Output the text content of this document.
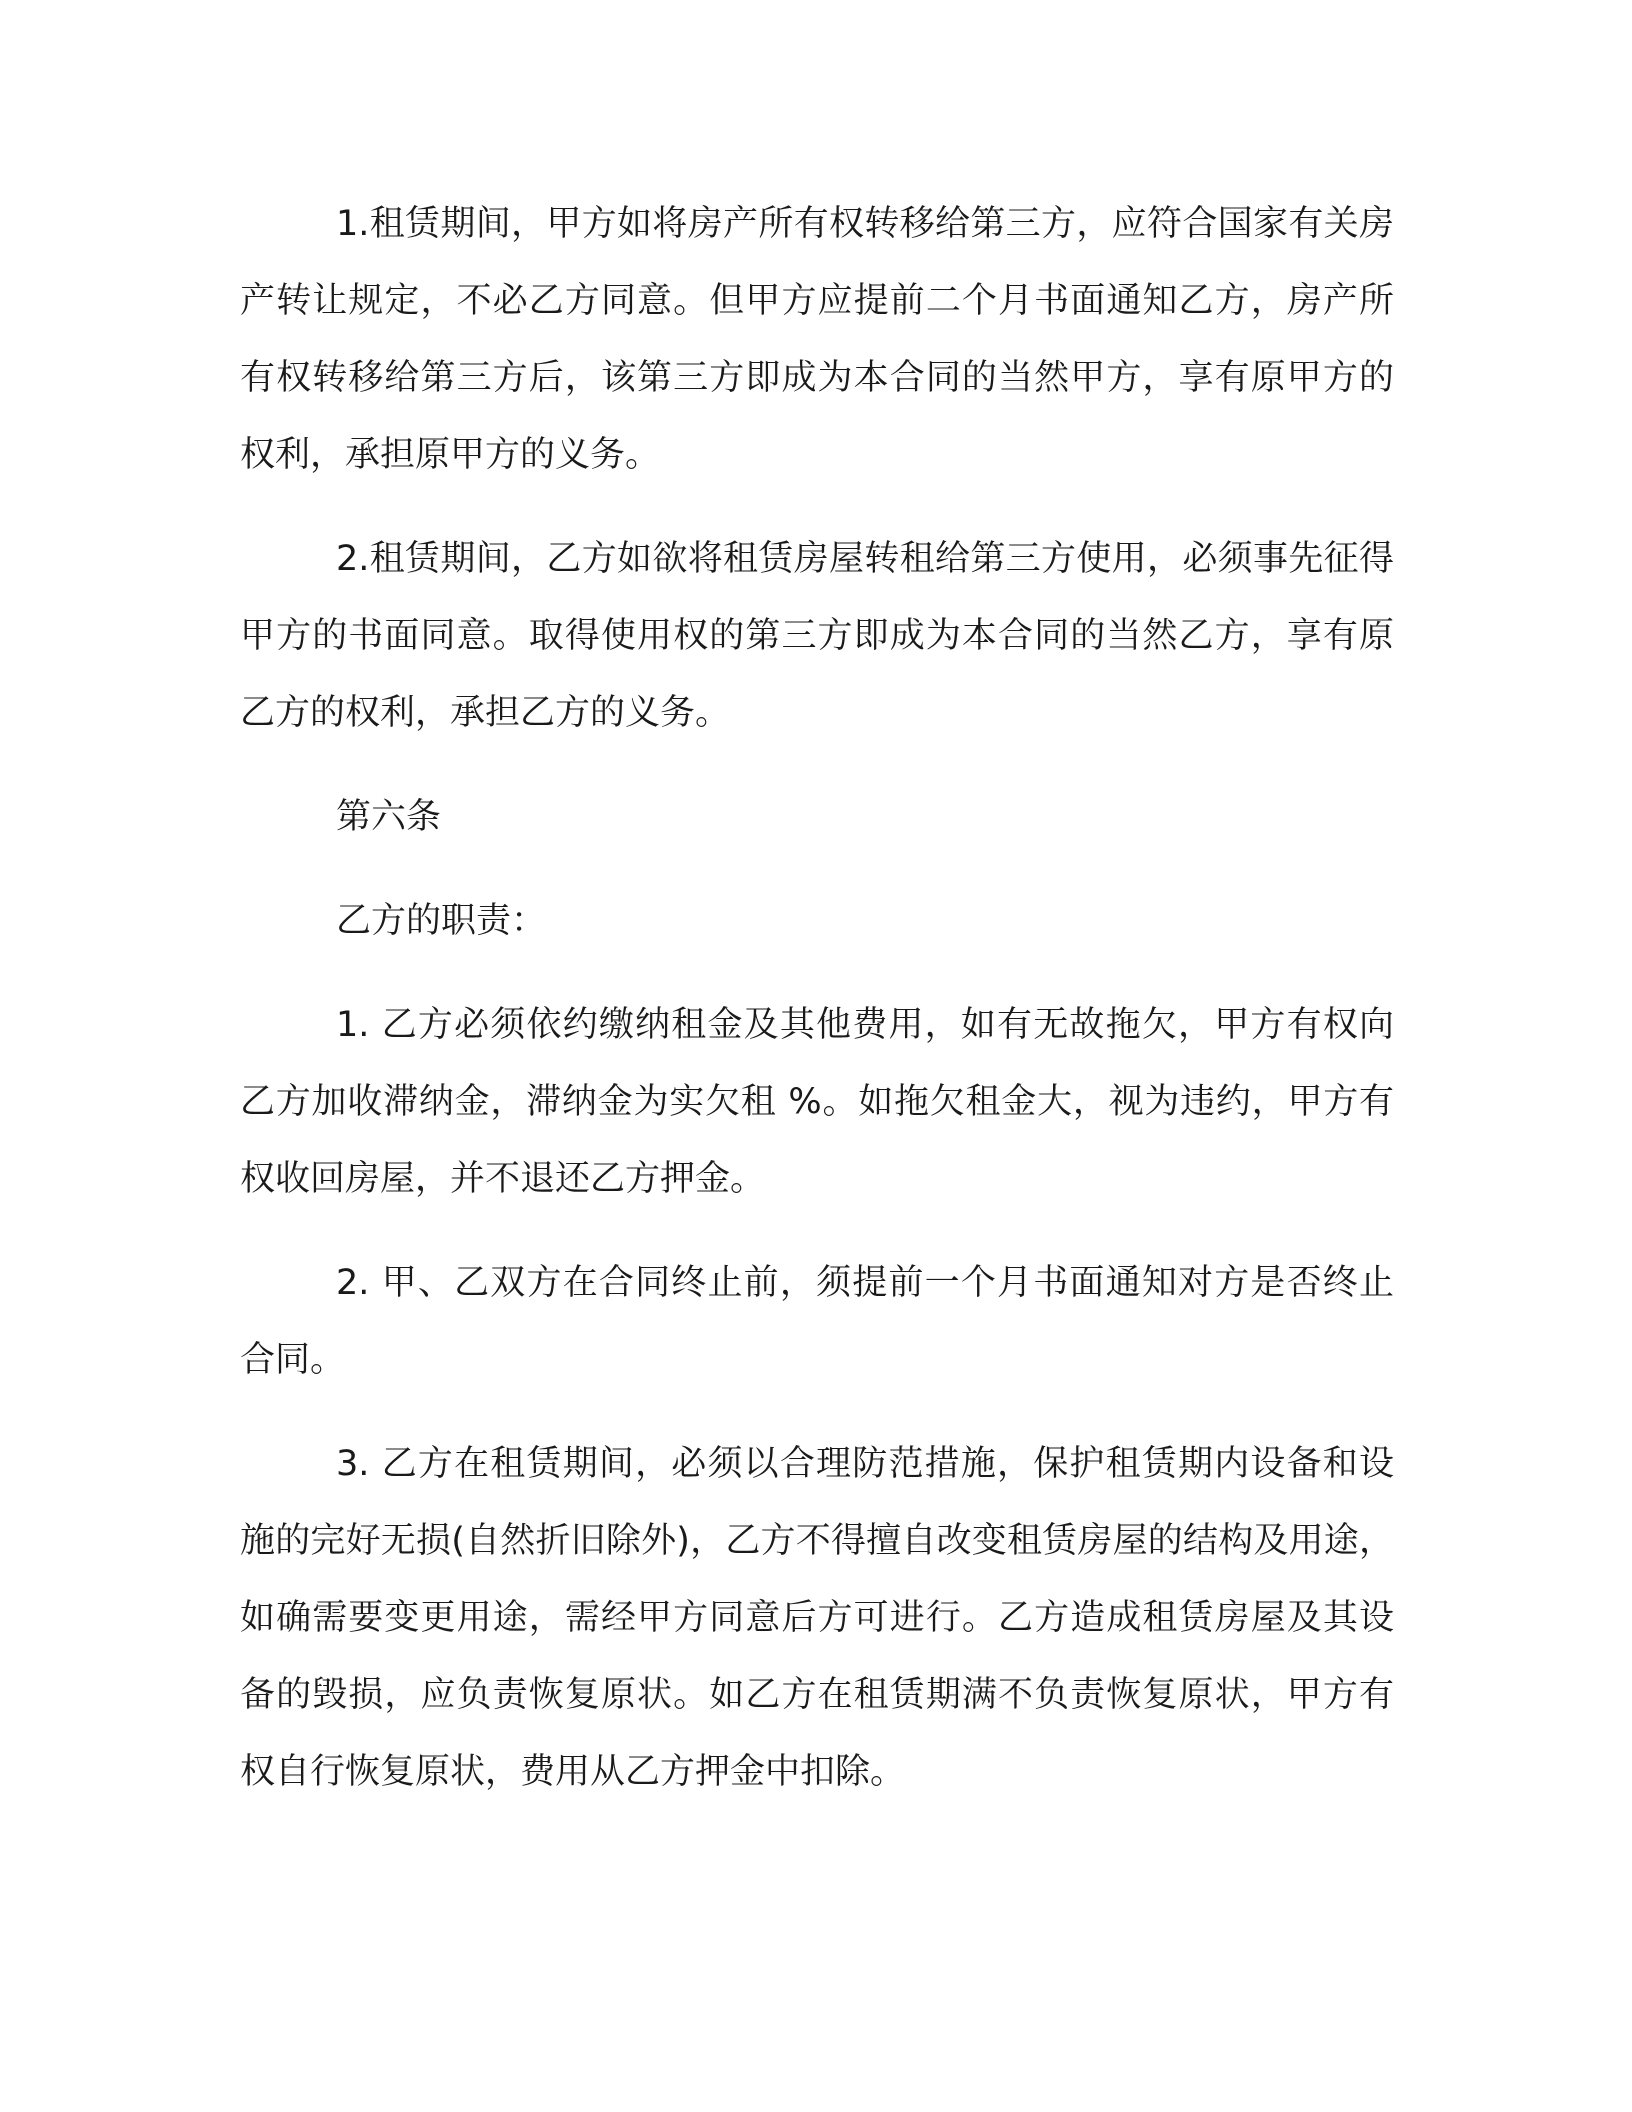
1.租赁期间，甲方如将房产所有权转移给第三方，应符合国家有关房产转让规定，不必乙方同意。但甲方应提前二个月书面通知乙方，房产所有权转移给第三方后，该第三方即成为本合同的当然甲方，享有原甲方的权利，承担原甲方的义务。

2.租赁期间，乙方如欲将租赁房屋转租给第三方使用，必须事先征得甲方的书面同意。取得使用权的第三方即成为本合同的当然乙方，享有原乙方的权利，承担乙方的义务。

第六条

乙方的职责：

1. 乙方必须依约缴纳租金及其他费用，如有无故拖欠，甲方有权向乙方加收滞纳金，滞纳金为实欠租 %。如拖欠租金大，视为违约，甲方有权收回房屋，并不退还乙方押金。

2. 甲、乙双方在合同终止前，须提前一个月书面通知对方是否终止合同。

3. 乙方在租赁期间，必须以合理防范措施，保护租赁期内设备和设施的完好无损(自然折旧除外)，乙方不得擅自改变租赁房屋的结构及用途，如确需要变更用途，需经甲方同意后方可进行。乙方造成租赁房屋及其设备的毁损，应负责恢复原状。如乙方在租赁期满不负责恢复原状，甲方有权自行恢复原状，费用从乙方押金中扣除。
